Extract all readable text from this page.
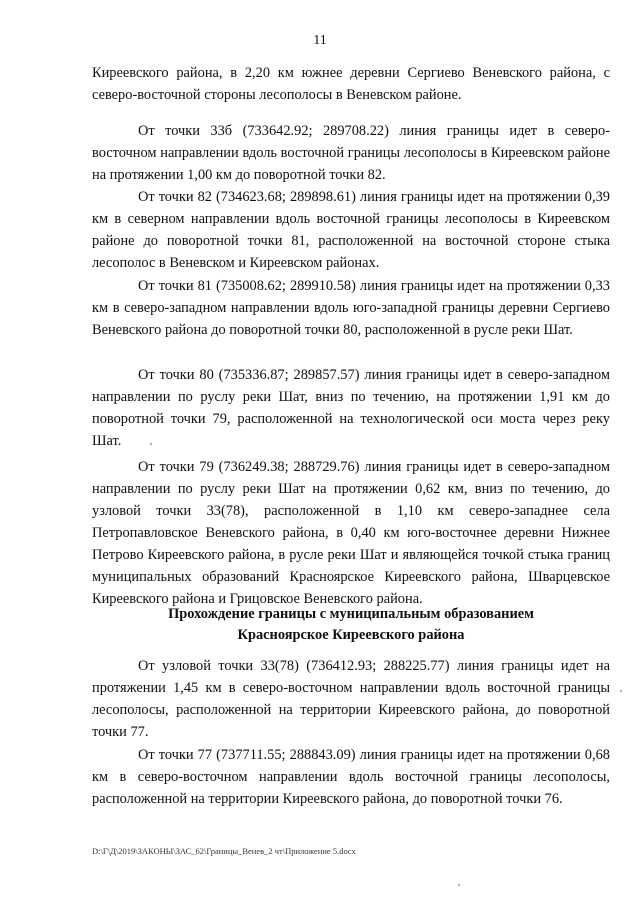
11

Киреевского района, в 2,20 км южнее деревни Сергиево Веневского района, с северо-восточной стороны лесополосы в Веневском районе.

От точки 33б (733642.92; 289708.22) линия границы идет в северо-восточном направлении вдоль восточной границы лесополосы в Киреевском районе на протяжении 1,00 км до поворотной точки 82.

От точки 82 (734623.68; 289898.61) линия границы идет на протяжении 0,39 км в северном направлении вдоль восточной границы лесополосы в Киреевском районе до поворотной точки 81, расположенной на восточной стороне стыка лесополос в Веневском и Киреевском районах.

От точки 81 (735008.62; 289910.58) линия границы идет на протяжении 0,33 км в северо-западном направлении вдоль юго-западной границы деревни Сергиево Веневского района до поворотной точки 80, расположенной в русле реки Шат.

От точки 80 (735336.87; 289857.57) линия границы идет в северо-западном направлении по руслу реки Шат, вниз по течению, на протяжении 1,91 км до поворотной точки 79, расположенной на технологической оси моста через реку Шат.

От точки 79 (736249.38; 288729.76) линия границы идет в северо-западном направлении по руслу реки Шат на протяжении 0,62 км, вниз по течению, до узловой точки 33(78), расположенной в 1,10 км северо-западнее села Петропавловское Веневского района, в 0,40 км юго-восточнее деревни Нижнее Петрово Киреевского района, в русле реки Шат и являющейся точкой стыка границ муниципальных образований Красноярское Киреевского района, Шварцевское Киреевского района и Грицовское Веневского района.

Прохождение границы с муниципальным образованием
Красноярское Киреевского района

От узловой точки 33(78) (736412.93; 288225.77) линия границы идет на протяжении 1,45 км в северо-восточном направлении вдоль восточной границы лесополосы, расположенной на территории Киреевского района, до поворотной точки 77.

От точки 77 (737711.55; 288843.09) линия границы идет на протяжении 0,68 км в северо-восточном направлении вдоль восточной границы лесополосы, расположенной на территории Киреевского района, до поворотной точки 76.

D:\Г\Д\2019\ЗАКОНЫ\ЗАС_62\Границы_Венев_2 чт\Приложение 5.docx
